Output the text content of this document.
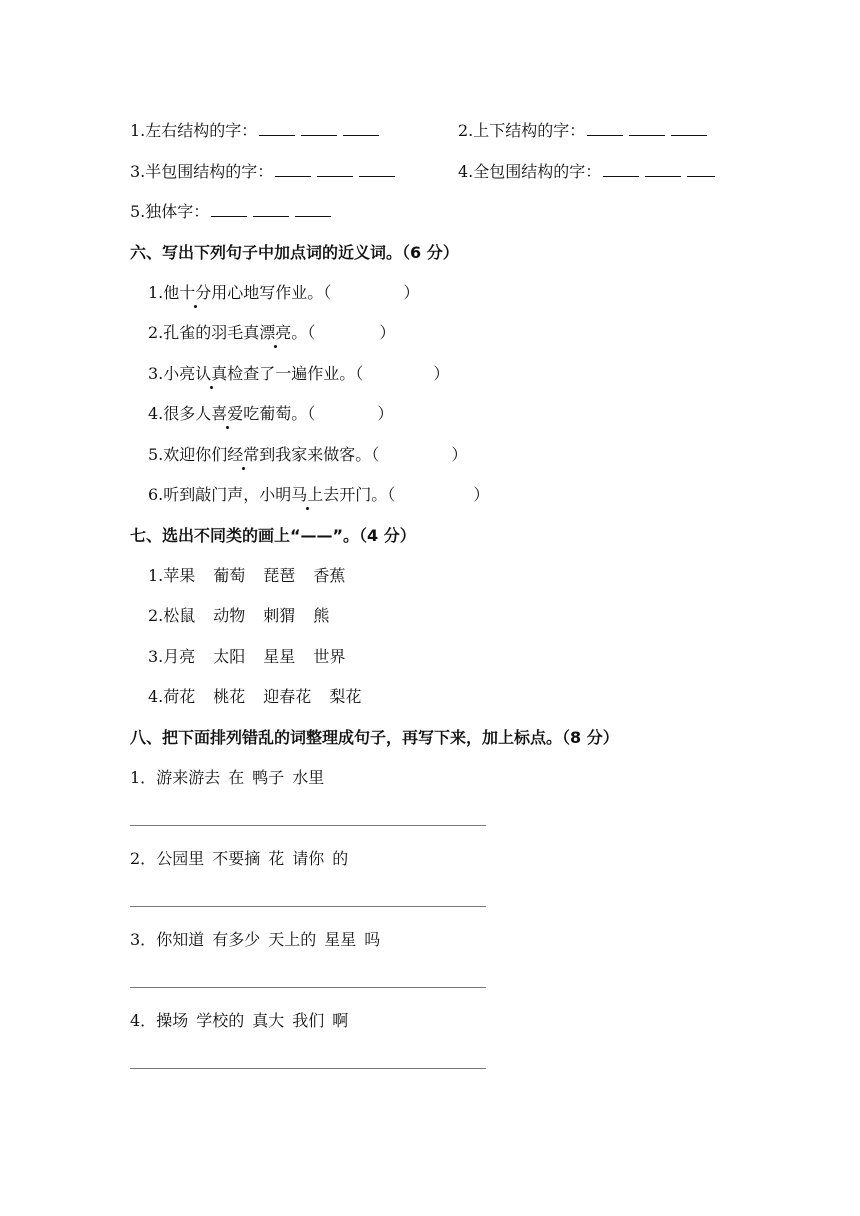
1.左右结构的字：	2.上下结构的字：
3.半包围结构的字：	4.全包围结构的字：
5.独体字：
六、写出下列句子中加点词的近义词。（6 分）
1.他十分用心地写作业。（	）
2.孔雀的羽毛真漂亮。（	）
3.小亮认真检查了一遍作业。（	）
4.很多人喜爱吃葡萄。（	）
5.欢迎你们经常到我家来做客。（	）
6.听到敲门声，小明马上去开门。（	）
七、选出不同类的画上“——”。（4 分）
1.苹果 葡萄 琵琶 香蕉
2.松鼠 动物 刺猬 熊
3.月亮 太阳 星星 世界
4.荷花 桃花 迎春花 梨花
八、把下面排列错乱的词整理成句子，再写下来，加上标点。（8 分）
1．游来游去 在 鸭子 水里
2．公园里 不要摘 花 请你 的
3．你知道 有多少 天上的 星星 吗
4．操场 学校的 真大 我们 啊
